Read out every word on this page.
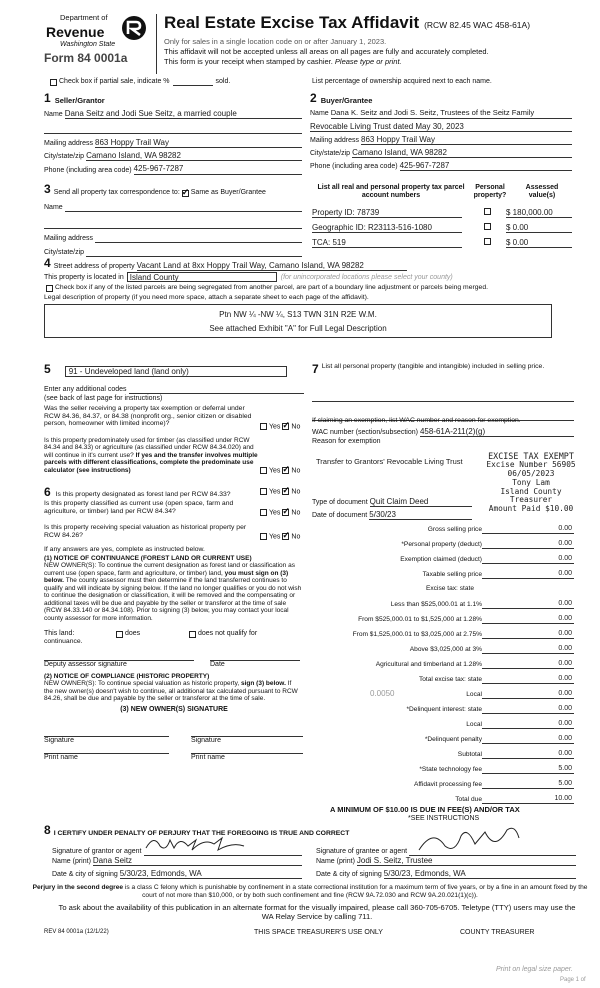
Department of
Revenue
Washington State
Form 84 0001a
Real Estate Excise Tax Affidavit (RCW 82.45 WAC 458-61A)
Only for sales in a single location code on or after January 1, 2023.
This affidavit will not be accepted unless all areas on all pages are fully and accurately completed.
This form is your receipt when stamped by cashier. Please type or print.
Check box if partial sale, indicate %	sold.	List percentage of ownership acquired next to each name.
1 Seller/Grantor
Name Dana Seitz and Jodi Sue Seitz, a married couple
Mailing address 863 Hoppy Trail Way
City/state/zip Camano Island, WA 98282
Phone (including area code) 425-967-7287
2 Buyer/Grantee
Name Dana K. Seitz and Jodi S. Seitz, Trustees of the Seitz Family
Revocable Living Trust dated May 30, 2023
Mailing address 863 Hoppy Trail Way
City/state/zip Camano Island, WA 98282
Phone (including area code) 425-967-7287
3 Send all property tax correspondence to: ✓ Same as Buyer/Grantee
Name
Mailing address
City/state/zip
List all real and personal property tax parcel account numbers
Personal property?
Assessed value(s)
Property ID: 78739	$ 180,000.00
Geographic ID: R23113-516-1080	$ 0.00
TCA: 519	$ 0.00
4 Street address of property Vacant Land at 8xx Hoppy Trail Way, Camano Island, WA 98282
This property is located in Island County	(for unincorporated locations please select your county)
Check box if any of the listed parcels are being segregated from another parcel, are part of a boundary line adjustment or parcels being merged.
Legal description of property (if you need more space, attach a separate sheet to each page of the affidavit).
Ptn NW ¼ -NW ¼, S13 TWN 31N R2E W.M.
See attached Exhibit "A" for Full Legal Description
5	91 - Undeveloped land (land only)
Enter any additional codes
(see back of last page for instructions)
Was the seller receiving a property tax exemption or deferral under RCW 84.36, 84.37, or 84.38 (nonprofit org., senior citizen or disabled person, homeowner with limited income)?	Yes ✓ No
Is this property predominately used for timber (as classified under RCW 84.34 and 84.33) or agriculture (as classified under RCW 84.34.020) and will continue in it's current use? If yes and the transfer involves multiple parcels with different classifications, complete the predominate use calculator (see instructions)	Yes ✓ No
6 Is this property designated as forest land per RCW 84.33?	Yes ✓ No
Is this property classified as current use (open space, farm and agriculture, or timber) land per RCW 84.34?	Yes ✓ No
Is this property receiving special valuation as historical property per RCW 84.26?	Yes ✓ No
If any answers are yes, complete as instructed below.
(1) NOTICE OF CONTINUANCE (FOREST LAND OR CURRENT USE)
NEW OWNER(S): To continue the current designation as forest land or classification as current use (open space, farm and agriculture, or timber) land, you must sign on (3) below. The county assessor must then determine if the land transferred continues to qualify and will indicate by signing below. If the land no longer qualifies or you do not wish to continue the designation or classification, it will be removed and the compensating or additional taxes will be due and payable by the seller or transferor at the time of sale (RCW 84.33.140 or 84.34.108). Prior to signing (3) below, you may contact your local county assessor for more information.
This land:	does	does not qualify for
continuance.
Deputy assessor signature	Date
(2) NOTICE OF COMPLIANCE (HISTORIC PROPERTY)
NEW OWNER(S): To continue special valuation as historic property, sign (3) below. If the new owner(s) doesn't wish to continue, all additional tax calculated pursuant to RCW 84.26, shall be due and payable by the seller or transferor at the time of sale.
(3) NEW OWNER(S) SIGNATURE
Signature	Signature
Print name	Print name
7 List all personal property (tangible and intangible) included in selling price.
If claiming an exemption, list WAC number and reason for exemption.
WAC number (section/subsection) 458-61A-211(2)(g)
Reason for exemption
Transfer to Grantors' Revocable Living Trust
EXCISE TAX EXEMPT
Excise Number 56905
06/05/2023
Tony Lam
Island County Treasurer
Amount Paid $10.00
Type of document Quit Claim Deed
Date of document 5/30/23
Gross selling price	0.00
*Personal property (deduct)	0.00
Exemption claimed (deduct)	0.00
Taxable selling price	0.00
Excise tax: state
Less than $525,000.01 at 1.1%	0.00
From $525,000.01 to $1,525,000 at 1.28%	0.00
From $1,525,000.01 to $3,025,000 at 2.75%	0.00
Above $3,025,000 at 3%	0.00
Agricultural and timberland at 1.28%	0.00
Total excise tax: state	0.00
0.0050	Local	0.00
*Delinquent interest: state	0.00
Local	0.00
*Delinquent penalty	0.00
Subtotal	0.00
*State technology fee	5.00
Affidavit processing fee	5.00
Total due	10.00
A MINIMUM OF $10.00 IS DUE IN FEE(S) AND/OR TAX
*SEE INSTRUCTIONS
8 I CERTIFY UNDER PENALTY OF PERJURY THAT THE FOREGOING IS TRUE AND CORRECT
Signature of grantor or agent
Name (print) Dana Seitz
Date & city of signing 5/30/23, Edmonds, WA
Signature of grantee or agent
Name (print) Jodi S. Seitz, Trustee
Date & city of signing 5/30/23, Edmonds, WA
Perjury in the second degree is a class C felony which is punishable by confinement in a state correctional institution for a maximum term of five years, or by a fine in an amount fixed by the court of not more than $10,000, or by both such confinement and fine (RCW 9A.72.030 and RCW 9A.20.021(1)(c)).
To ask about the availability of this publication in an alternate format for the visually impaired, please call 360-705-6705. Teletype (TTY) users may use the WA Relay Service by calling 711.
REV 84 0001a (12/1/22)	THIS SPACE TREASURER'S USE ONLY	COUNTY TREASURER
Print on legal size paper.
Page 1 of
